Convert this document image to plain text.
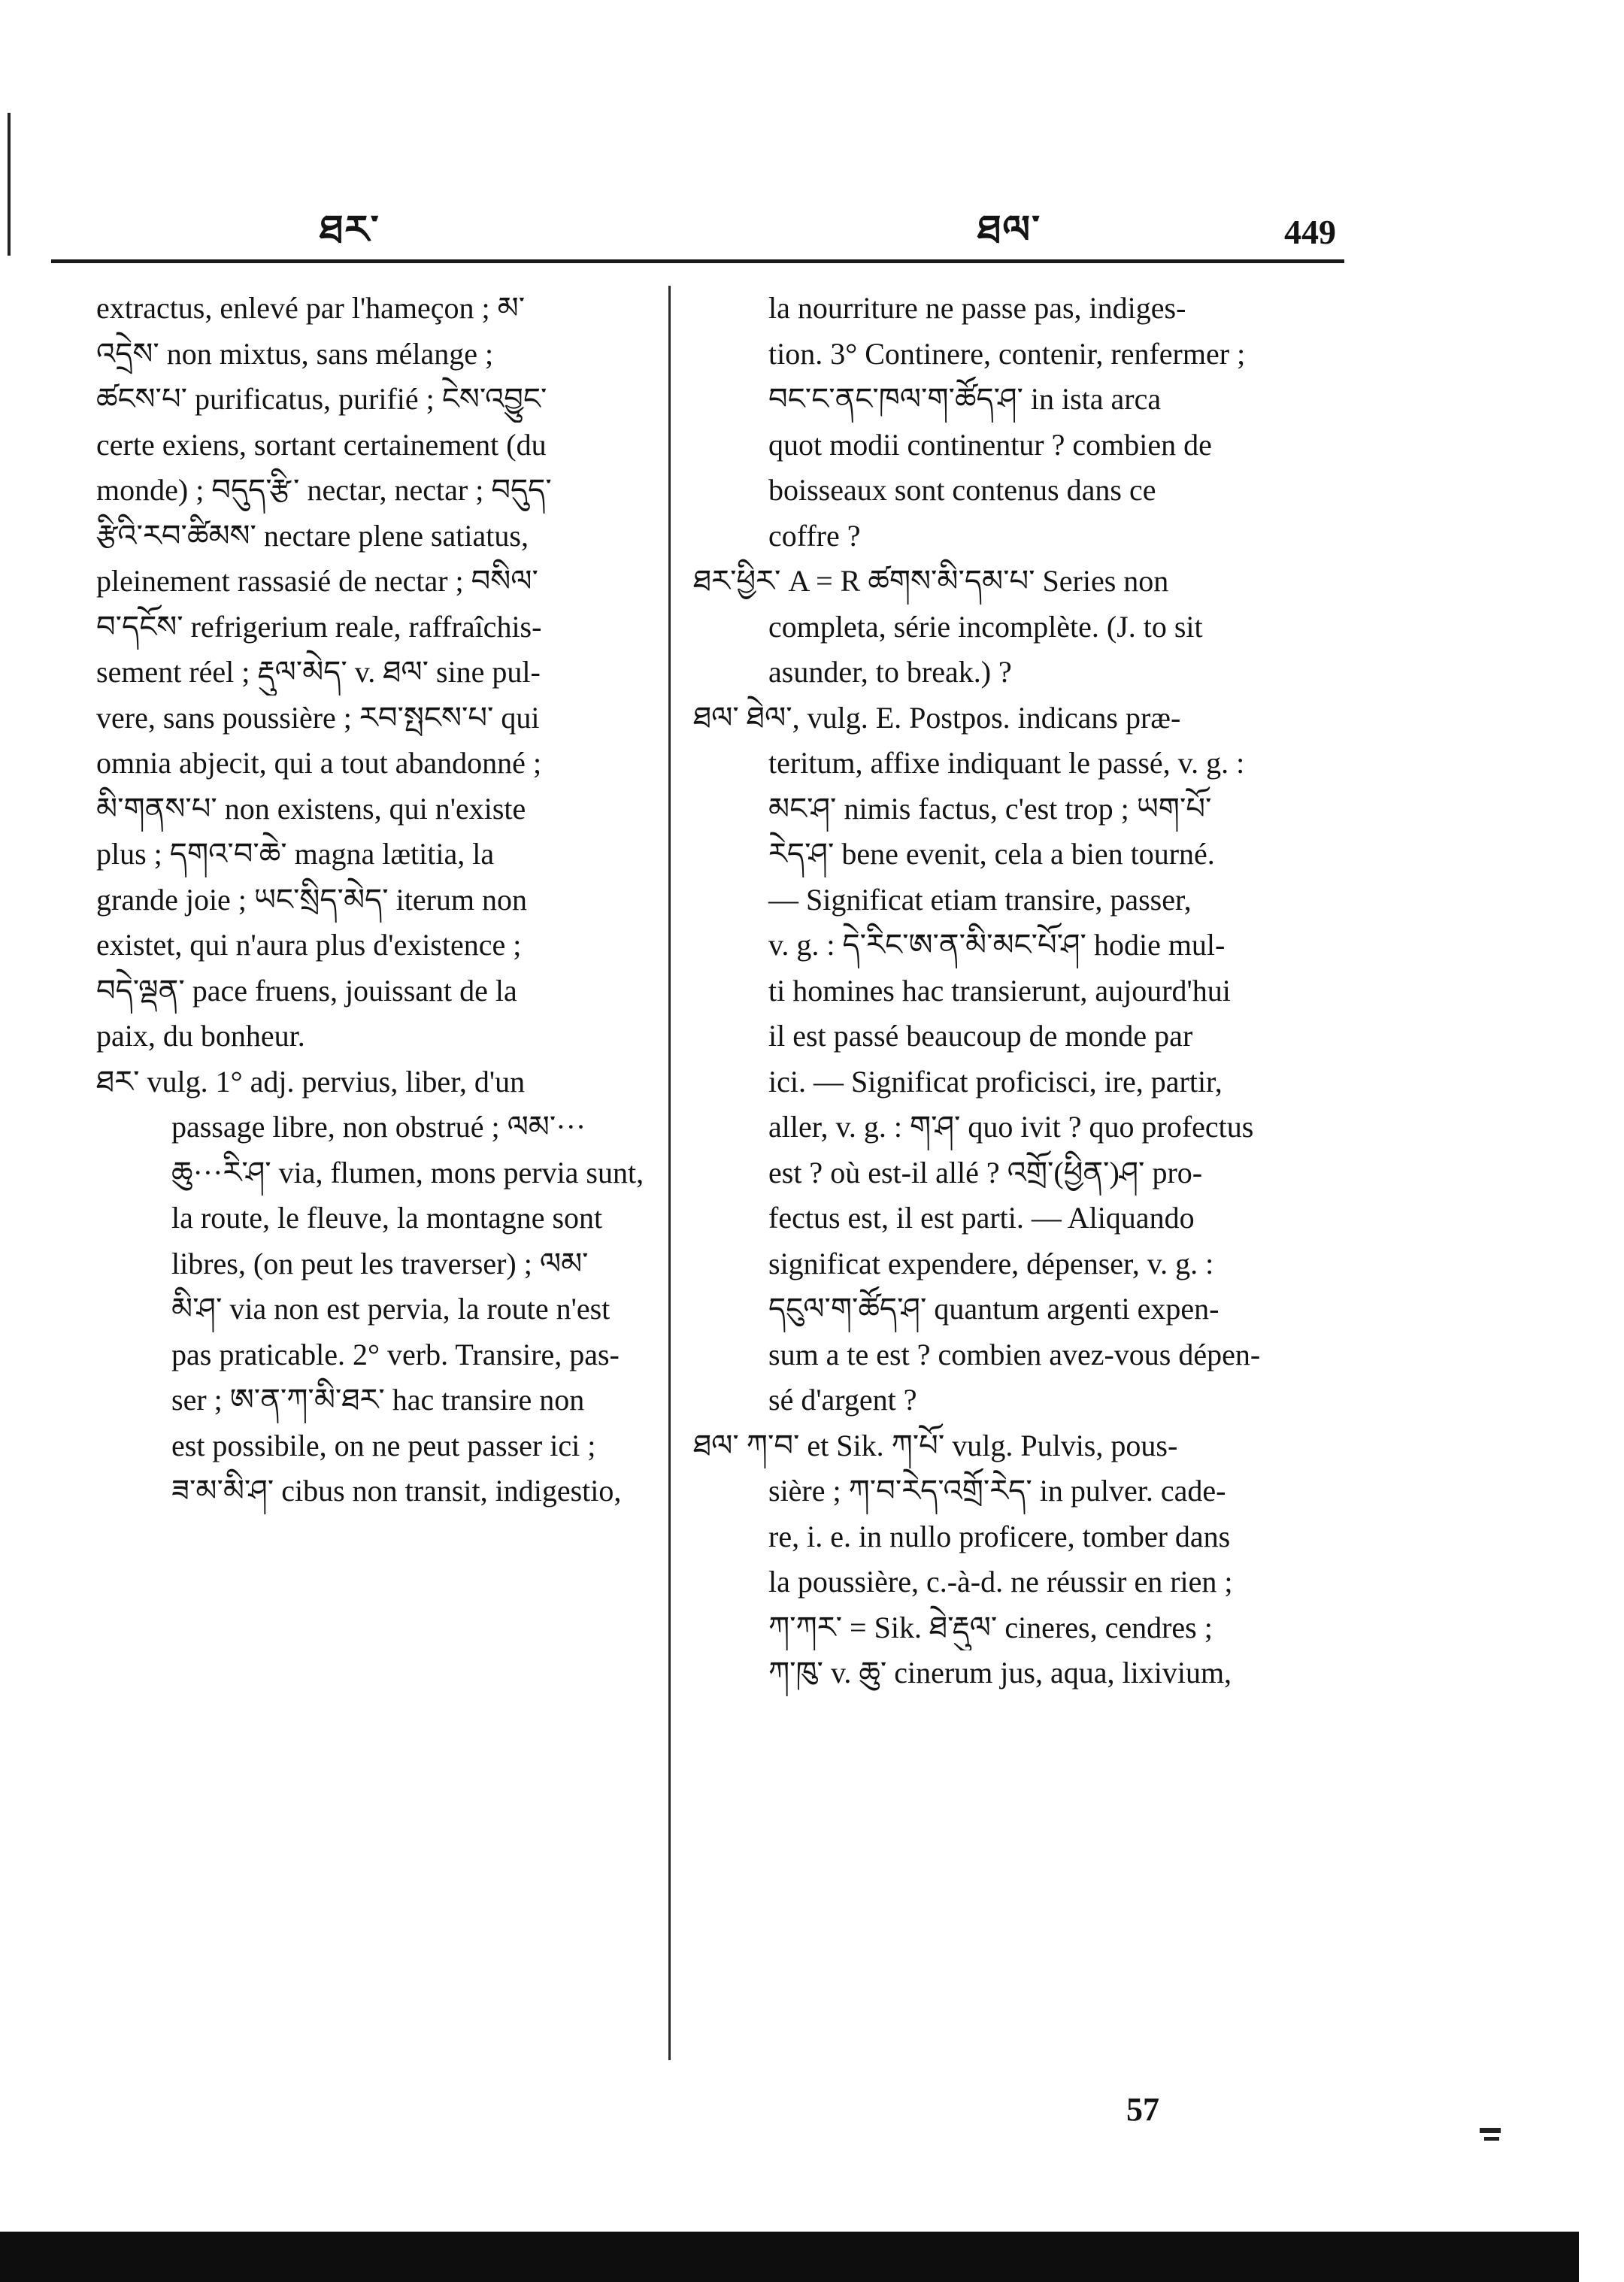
ཐར་	ཐལ་	449
extractus, enlevé par l'hameçon ; མ་
འདྲེས་ non mixtus, sans mélange ;
ཚངས་པ་ purificatus, purifié ; ངེས་འབྱུང་
certe exiens, sortant certainement (du
monde) ; བདུད་རྩི་ nectar, nectar ; བདུད་
རྩིའི་རབ་ཚིམས་ nectare plene satiatus,
pleinement rassasié de nectar ; བསིལ་
བ་དངོས་ refrigerium reale, raffraîchis-
sement réel ; རྡུལ་མེད་ v. ཐལ་ sine pul-
vere, sans poussière ; རབ་སྤངས་པ་ qui
omnia abjecit, qui a tout abandonné ;
མི་གནས་པ་ non existens, qui n'existe
plus ; དགའ་བ་ཆེ་ magna lætitia, la
grande joie ; ཡང་སྲིད་མེད་ iterum non
existet, qui n'aura plus d'existence ;
བདེ་ལྡན་ pace fruens, jouissant de la
paix, du bonheur.
ཐར་ vulg. 1° adj. pervius, liber, d'un
passage libre, non obstrué ; ལམ་···
ཆུ···རི་ཤ་ via, flumen, mons pervia sunt,
la route, le fleuve, la montagne sont
libres, (on peut les traverser) ; ལམ་
མི་ཤ་ via non est pervia, la route n'est
pas praticable. 2° verb. Transire, pas-
ser ; ཨ་ན་ཀ་མི་ཐར་ hac transire non
est possibile, on ne peut passer ici ;
ཟ་མ་མི་ཤ་ cibus non transit, indigestio,
la nourriture ne passe pas, indiges-
tion. 3° Continere, contenir, renfermer ;
བང་ང་ནང་ཁལ་ག་ཚོད་ཤ་ in ista arca
quot modii continentur ? combien de
boisseaux sont contenus dans ce
coffre ?
ཐར་ཕྱིར་ A = R ཚགས་མི་དམ་པ་ Series non
completa, série incomplète. (J. to sit
asunder, to break.) ?
ཐལ་ ཐེལ་, vulg. E. Postpos. indicans præ-
teritum, affixe indiquant le passé, v. g. :
མང་ཤ་ nimis factus, c'est trop ; ཡག་པོ་
རེད་ཤ་ bene evenit, cela a bien tourné.
— Significat etiam transire, passer,
v. g. : དེ་རིང་ཨ་ན་མི་མང་པོ་ཤ་ hodie mul-
ti homines hac transierunt, aujourd'hui
il est passé beaucoup de monde par
ici. — Significat proficisci, ire, partir,
aller, v. g. : ག་ཤ་ quo ivit ? quo profectus
est ? où est-il allé ? འགྲོ་(ཕྱིན་)ཤ་ pro-
fectus est, il est parti. — Aliquando
significat expendere, dépenser, v. g. :
དངུལ་ག་ཚོད་ཤ་ quantum argenti expen-
sum a te est ? combien avez-vous dépen-
sé d'argent ?
ཐལ་ ཀ་བ་ et Sik. ཀ་པོ་ vulg. Pulvis, pous-
sière ; ཀ་བ་རེད་འགྲོ་རེད་ in pulver. cade-
re, i. e. in nullo proficere, tomber dans
la poussière, c.-à-d. ne réussir en rien ;
ཀ་ཀར་ = Sik. ཐེ་རྡུལ་ cineres, cendres ;
ཀ་ཁུ་ v. ཆུ་ cinerum jus, aqua, lixivium,
57
